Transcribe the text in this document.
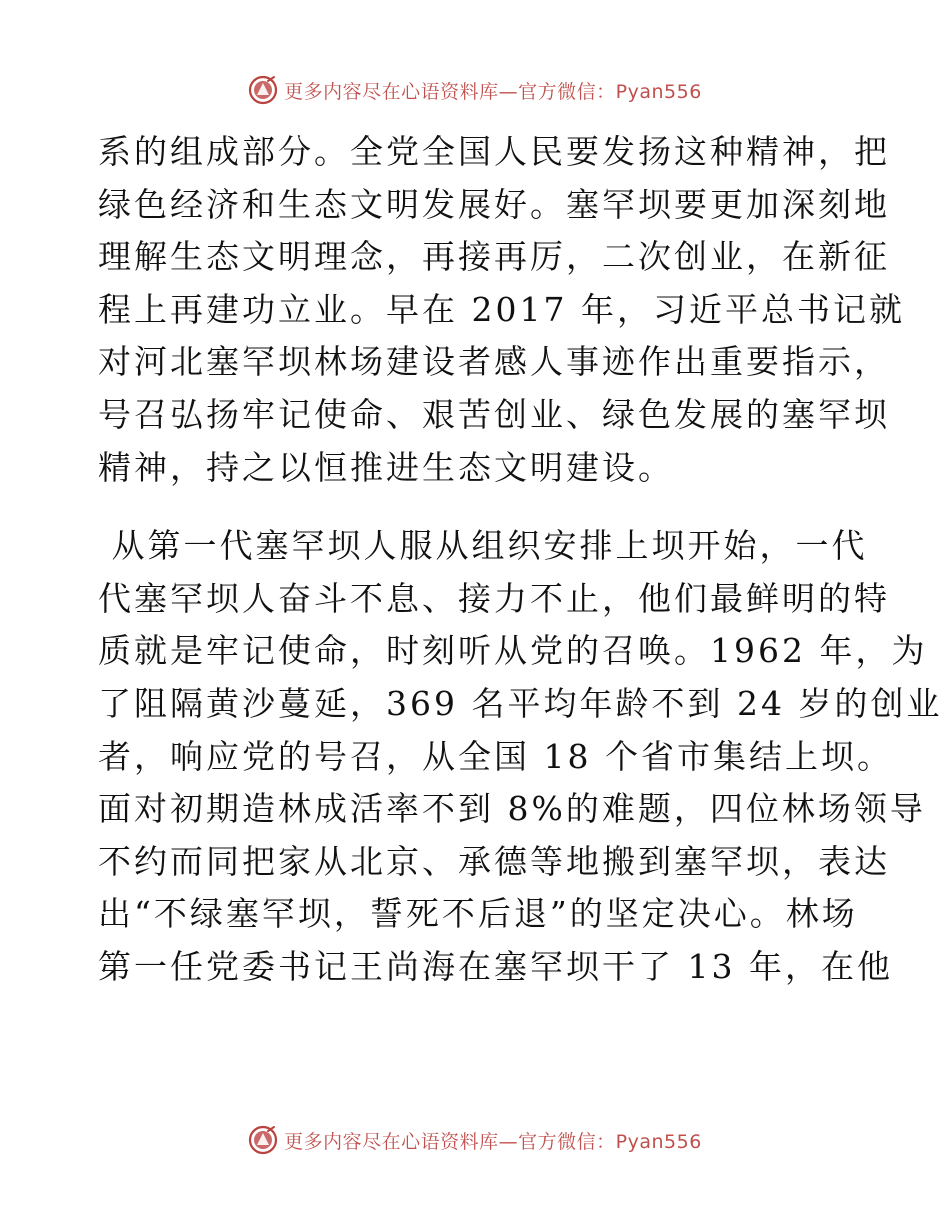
更多内容尽在心语资料库—官方微信：Pyan556
系的组成部分。全党全国人民要发扬这种精神，把
绿色经济和生态文明发展好。塞罕坝要更加深刻地
理解生态文明理念，再接再厉，二次创业，在新征
程上再建功立业。早在 2017 年，习近平总书记就
对河北塞罕坝林场建设者感人事迹作出重要指示，
号召弘扬牢记使命、艰苦创业、绿色发展的塞罕坝
精神，持之以恒推进生态文明建设。
从第一代塞罕坝人服从组织安排上坝开始，一代
代塞罕坝人奋斗不息、接力不止，他们最鲜明的特
质就是牢记使命，时刻听从党的召唤。1962 年，为
了阻隔黄沙蔓延，369 名平均年龄不到 24 岁的创业
者，响应党的号召，从全国 18 个省市集结上坝。
面对初期造林成活率不到 8%的难题，四位林场领导
不约而同把家从北京、承德等地搬到塞罕坝，表达
出“不绿塞罕坝，誓死不后退”的坚定决心。林场
第一任党委书记王尚海在塞罕坝干了 13 年，在他
更多内容尽在心语资料库—官方微信：Pyan556
